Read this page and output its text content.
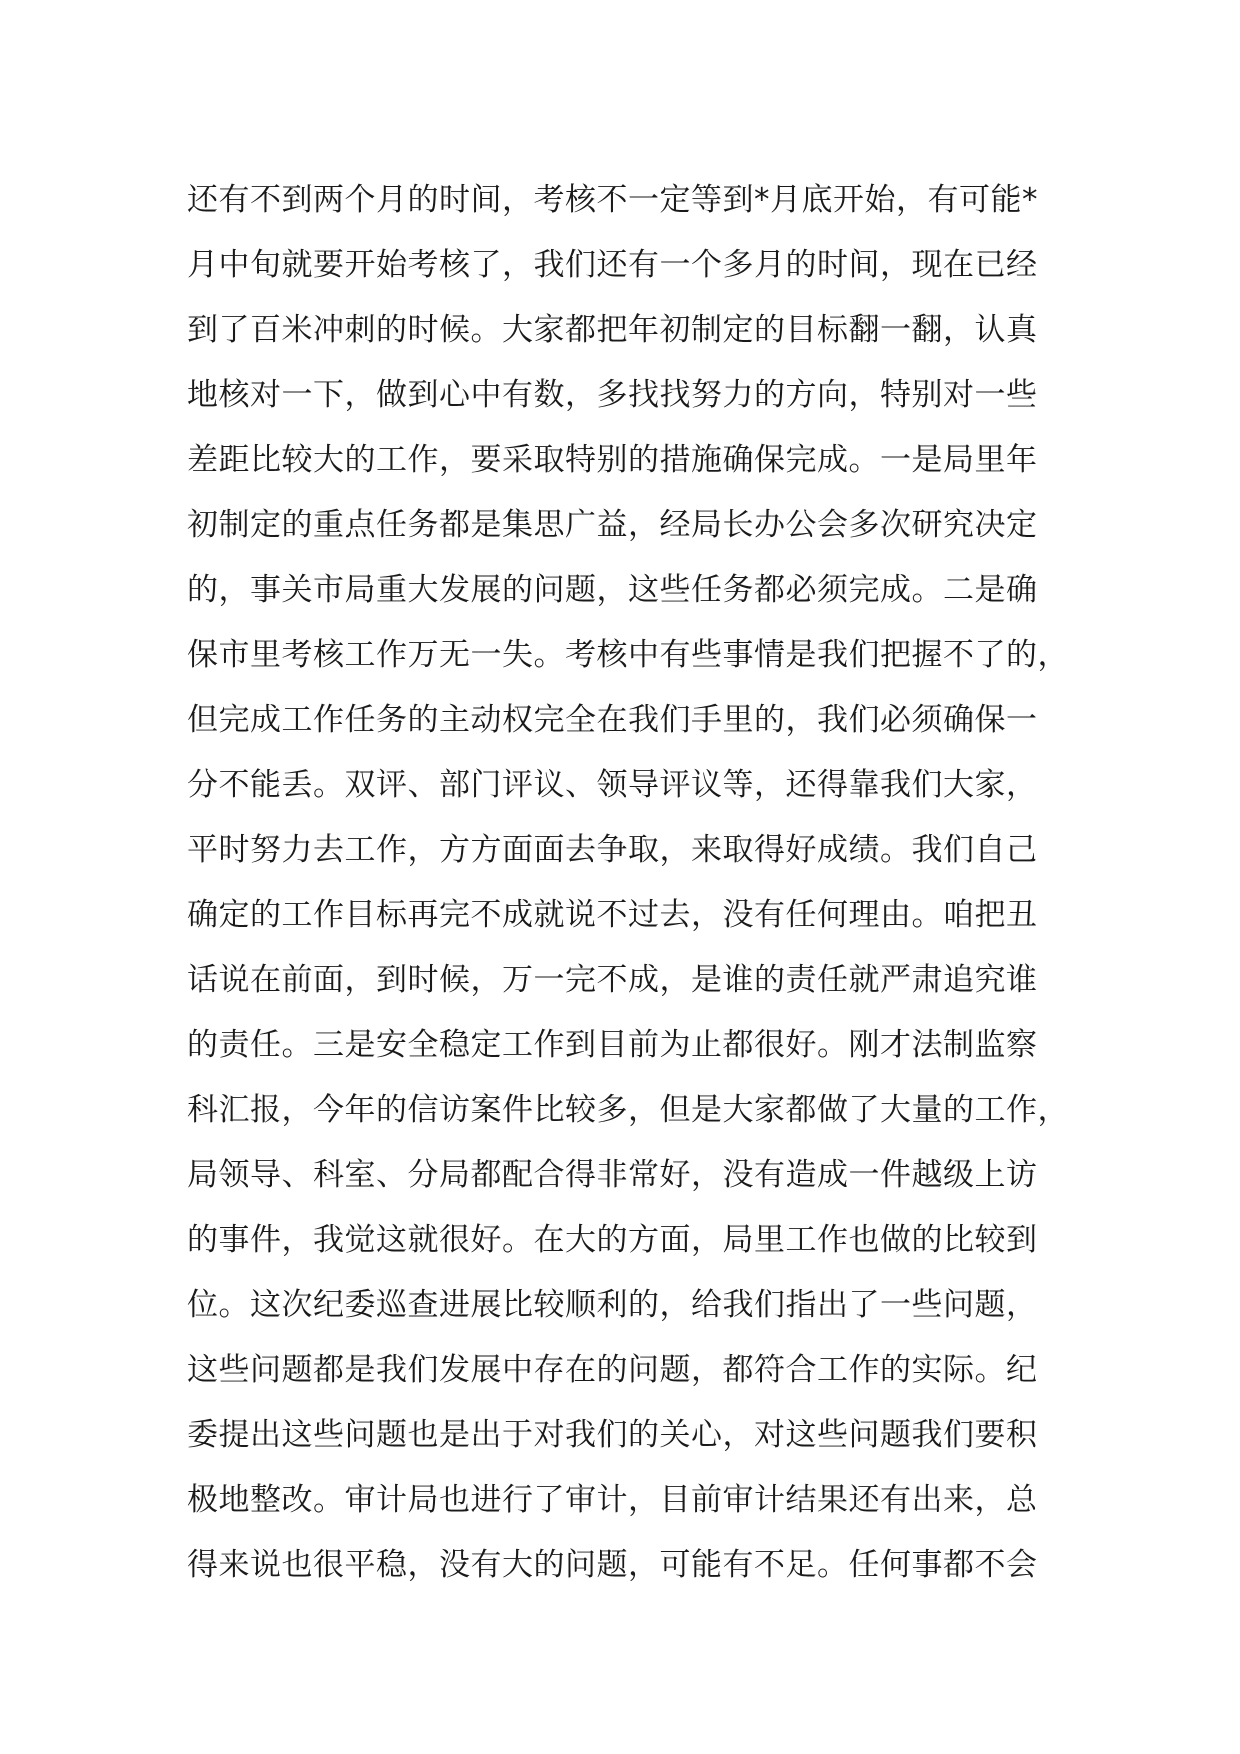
还有不到两个月的时间，考核不一定等到*月底开始，有可能*
月中旬就要开始考核了，我们还有一个多月的时间，现在已经
到了百米冲刺的时候。大家都把年初制定的目标翻一翻，认真
地核对一下，做到心中有数，多找找努力的方向，特别对一些
差距比较大的工作，要采取特别的措施确保完成。一是局里年
初制定的重点任务都是集思广益，经局长办公会多次研究决定
的，事关市局重大发展的问题，这些任务都必须完成。二是确
保市里考核工作万无一失。考核中有些事情是我们把握不了的，
但完成工作任务的主动权完全在我们手里的，我们必须确保一
分不能丢。双评、部门评议、领导评议等，还得靠我们大家，
平时努力去工作，方方面面去争取，来取得好成绩。我们自己
确定的工作目标再完不成就说不过去，没有任何理由。咱把丑
话说在前面，到时候，万一完不成，是谁的责任就严肃追究谁
的责任。三是安全稳定工作到目前为止都很好。刚才法制监察
科汇报，今年的信访案件比较多，但是大家都做了大量的工作，
局领导、科室、分局都配合得非常好，没有造成一件越级上访
的事件，我觉这就很好。在大的方面，局里工作也做的比较到
位。这次纪委巡查进展比较顺利的，给我们指出了一些问题，
这些问题都是我们发展中存在的问题，都符合工作的实际。纪
委提出这些问题也是出于对我们的关心，对这些问题我们要积
极地整改。审计局也进行了审计，目前审计结果还有出来，总
得来说也很平稳，没有大的问题，可能有不足。任何事都不会
